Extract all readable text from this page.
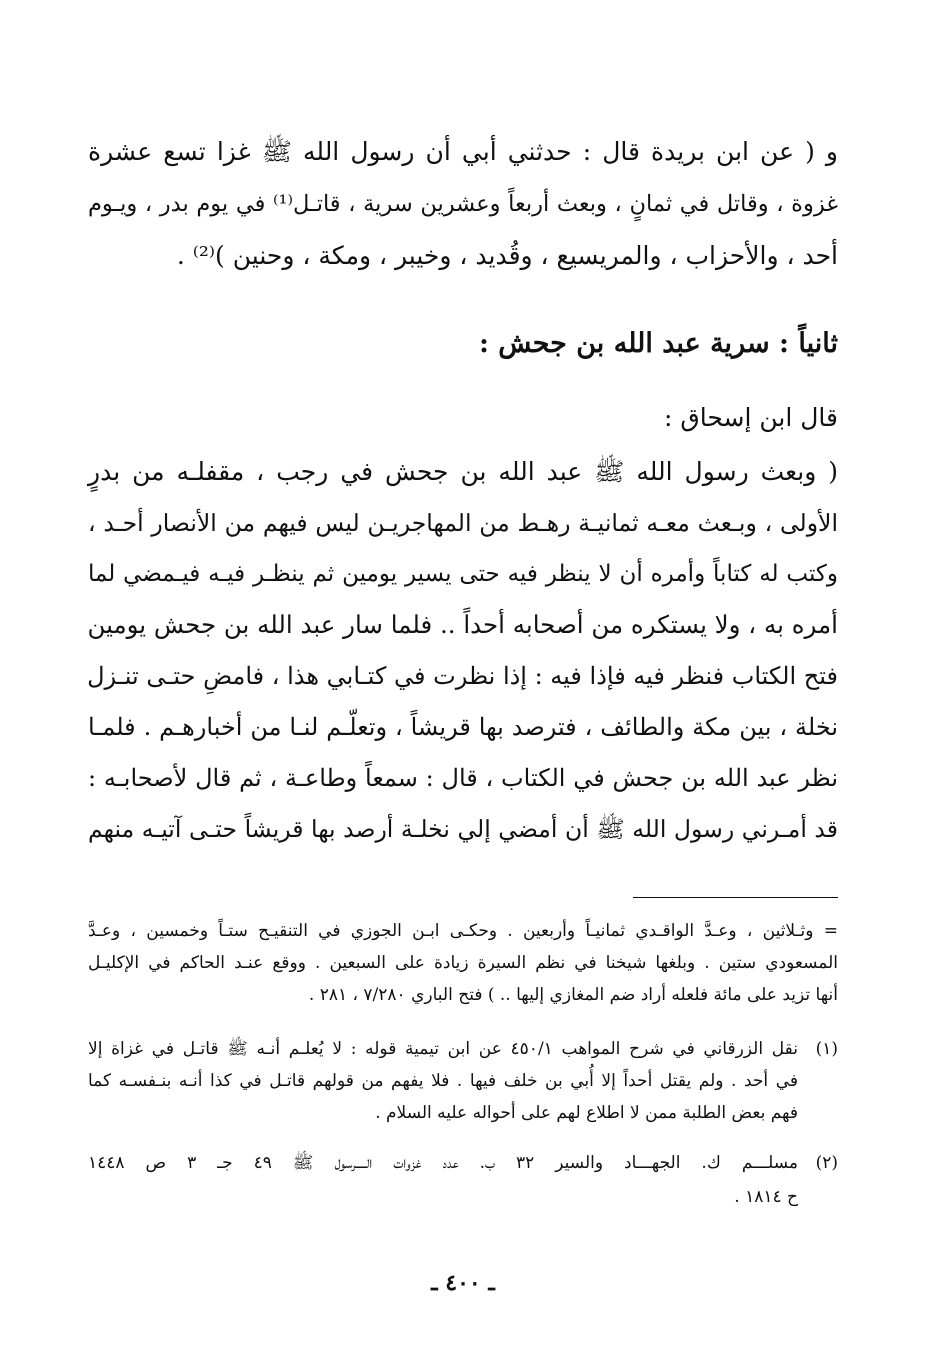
و ( عن ابن بريدة قال : حدثني أبي أن رسول الله ﷺ غزا تسع عشرة
غزوة ، وقاتل في ثمانٍ ، وبعث أربعاً وعشرين سرية ، قاتـل⁽¹⁾ في يوم بدر ، ويـوم
أحد ، والأحزاب ، والمريسيع ، وقُديد ، وخيبر ، ومكة ، وحنين )⁽²⁾ .
ثانياً : سرية عبد الله بن جحش :
قال ابن إسحاق :
( وبعث رسول الله ﷺ عبد الله بن جحش في رجب ، مقفلـه من بدرٍ
الأولى ، وبـعث معـه ثمانيـة رهـط من المهاجريـن ليس فيهم من الأنصار أحـد ،
وكتب له كتاباً وأمره أن لا ينظر فيه حتى يسير يومين ثم ينظـر فيـه فيـمضي لما
أمره به ، ولا يستكره من أصحابه أحداً .. فلما سار عبد الله بن جحش يومين
فتح الكتاب فنظر فيه فإذا فيه : إذا نظرت في كتـابي هذا ، فامضِ حتـى تنـزل
نخلة ، بين مكة والطائف ، فترصد بها قريشاً ، وتعلّـم لنـا من أخبارهـم . فلمـا
نظر عبد الله بن جحش في الكتاب ، قال : سمعاً وطاعـة ، ثم قال لأصحابـه :
قد أمـرني رسول الله ﷺ أن أمضي إلي نخلـة أرصد بها قريشاً حتـى آتيـه منهم
= وثـلاثين ، وعـدَّ الواقـدي ثمانيـاً وأربعين . وحكـى ابـن الجوزي في التنقيـح ستـاً وخمسين ، وعـدَّ
المسعودي ستين . وبلغها شيخنا في نظم السيرة زيادة على السبعين . ووقع عنـد الحاكم في الإكليـل
أنها تزيد على مائة فلعله أراد ضم المغازي إليها .. ) فتح الباري ٧/٢٨٠ ، ٢٨١ .
(١)
نقل الزرقاني في شرح المواهب ٤٥٠/١ عن ابن تيمية قوله : لا يُعلـم أنـه ﷺ قاتـل في غزاة إلا
في أحد . ولم يقتل أحداً إلا أُبي بن خلف فيها . فلا يفهم من قولهم قاتـل في كذا أنـه بنـفسـه كما
فهم بعض الطلبة ممن لا اطلاع لهم على أحواله عليه السلام .
(٢)
مسلـــم ك. الجهـــاد والسير ٣٢ ب. عدد غزوات الـــــرسول ﷺ ٤٩ جـ ٣ ص ١٤٤٨
ح ١٨١٤ .
ـ ٤٠٠ ـ
